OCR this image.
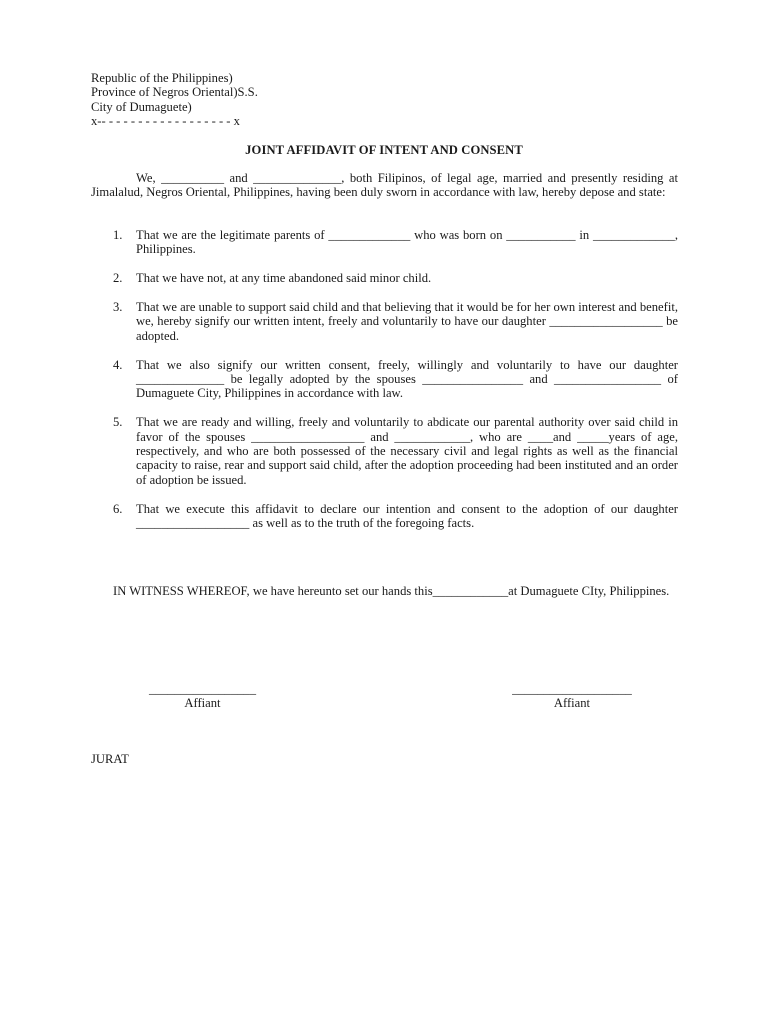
Republic of the Philippines)
Province of Negros Oriental)S.S.
City of Dumaguete)
x-- - - - - - - - - - - - - - - - - - x
JOINT AFFIDAVIT OF INTENT AND CONSENT
We, __________ and ______________, both Filipinos, of legal age, married and presently residing at Jimalalud, Negros Oriental, Philippines, having been duly sworn in accordance with law, hereby depose and state:
1.	That we are the legitimate parents of _____________ who was born on ___________ in _____________, Philippines.
2.	That we have not, at any time abandoned said minor child.
3.	That we are unable to support said child and that believing that it would be for her own interest and benefit, we, hereby signify our written intent, freely and voluntarily to have our daughter __________________ be adopted.
4.	That we also signify our written consent, freely, willingly and voluntarily to have our daughter ______________ be legally adopted by the spouses ________________ and _________________ of Dumaguete City, Philippines in accordance with law.
5.	That we are ready and willing, freely and voluntarily to abdicate our parental authority over said child in favor of the spouses __________________ and ____________, who are ____and _____years of age, respectively, and who are both possessed of the necessary civil and legal rights as well as the financial capacity to raise, rear and support said child, after the adoption proceeding had been instituted and an order of adoption be issued.
6.	That we execute this affidavit to declare our intention and consent to the adoption of our daughter __________________ as well as to the truth of the foregoing facts.
IN WITNESS WHEREOF, we have hereunto set our hands this____________at Dumaguete CIty, Philippines.
_________________
Affiant
___________________
Affiant
JURAT
